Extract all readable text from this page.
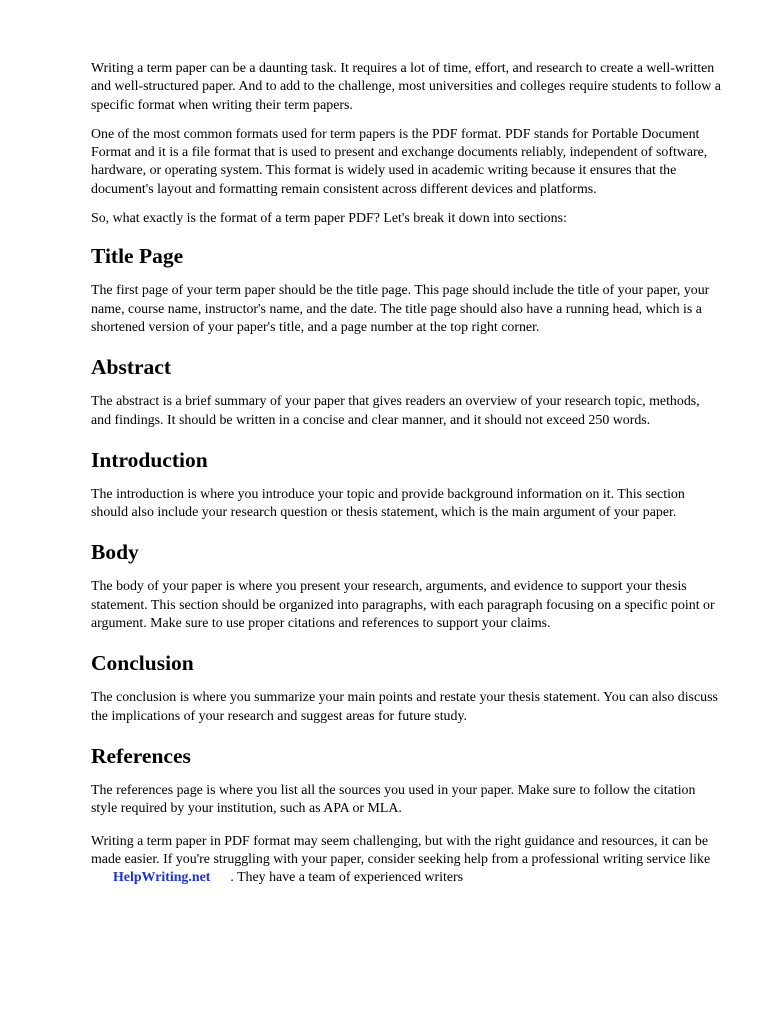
Writing a term paper can be a daunting task. It requires a lot of time, effort, and research to create a well-written and well-structured paper. And to add to the challenge, most universities and colleges require students to follow a specific format when writing their term papers.

One of the most common formats used for term papers is the PDF format. PDF stands for Portable Document Format and it is a file format that is used to present and exchange documents reliably, independent of software, hardware, or operating system. This format is widely used in academic writing because it ensures that the document's layout and formatting remain consistent across different devices and platforms.

So, what exactly is the format of a term paper PDF? Let's break it down into sections:

Title Page

The first page of your term paper should be the title page. This page should include the title of your paper, your name, course name, instructor's name, and the date. The title page should also have a running head, which is a shortened version of your paper's title, and a page number at the top right corner.

Abstract

The abstract is a brief summary of your paper that gives readers an overview of your research topic, methods, and findings. It should be written in a concise and clear manner, and it should not exceed 250 words.

Introduction

The introduction is where you introduce your topic and provide background information on it. This section should also include your research question or thesis statement, which is the main argument of your paper.

Body

The body of your paper is where you present your research, arguments, and evidence to support your thesis statement. This section should be organized into paragraphs, with each paragraph focusing on a specific point or argument. Make sure to use proper citations and references to support your claims.

Conclusion

The conclusion is where you summarize your main points and restate your thesis statement. You can also discuss the implications of your research and suggest areas for future study.

References

The references page is where you list all the sources you used in your paper. Make sure to follow the citation style required by your institution, such as APA or MLA.

Writing a term paper in PDF format may seem challenging, but with the right guidance and resources, it can be made easier. If you're struggling with your paper, consider seeking help from a professional writing service likeHelpWriting.net . They have a team of experienced writers
